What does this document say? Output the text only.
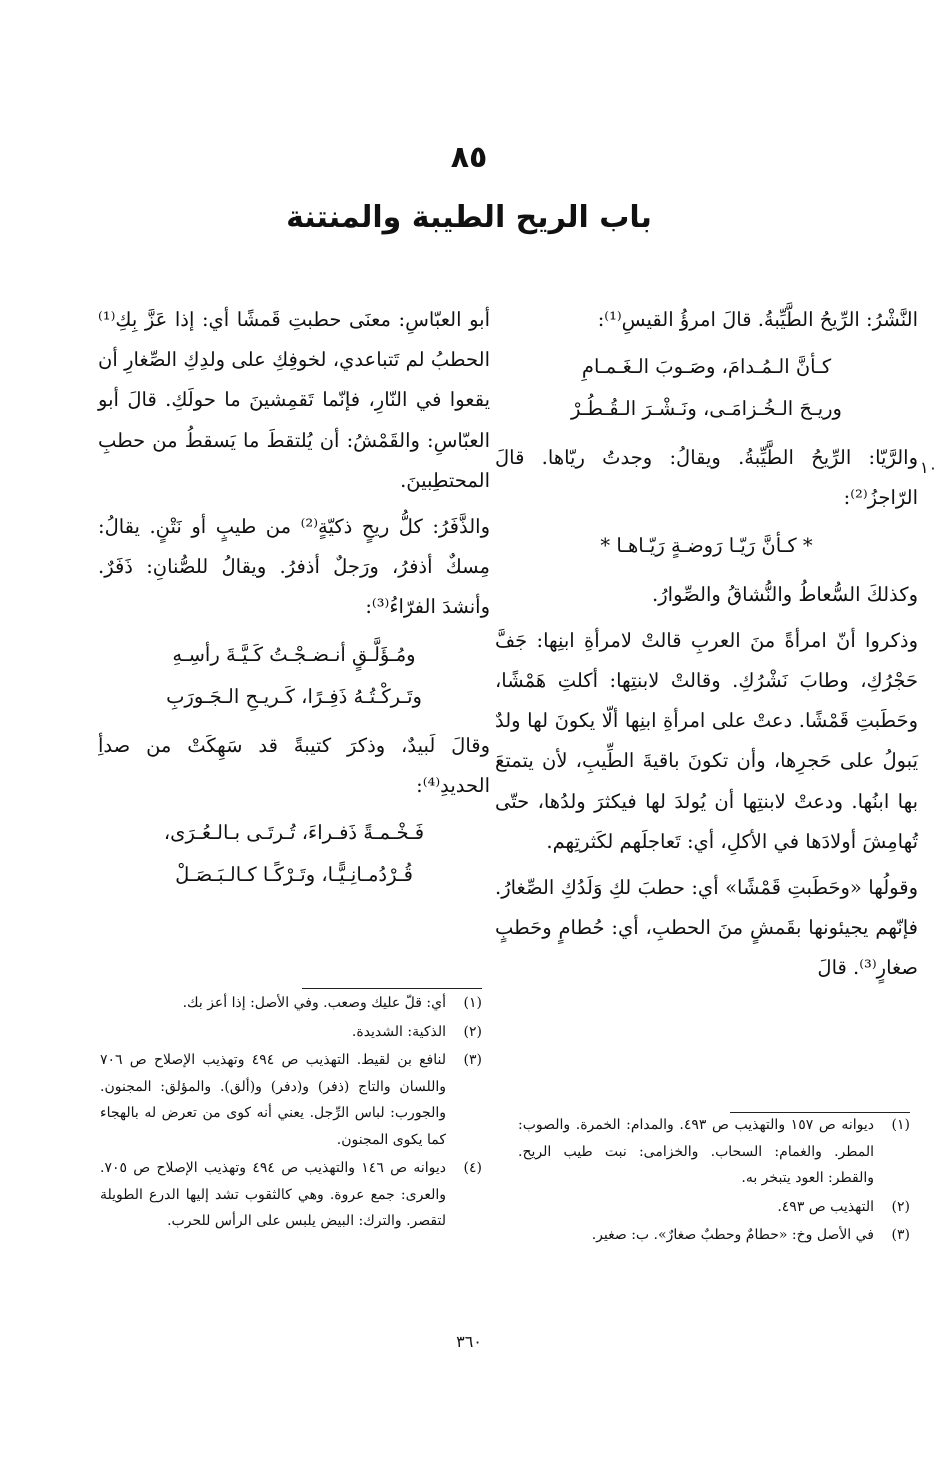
٨٥
باب الريح الطيبة والمنتنة
١٠

النَّشْرُ: الرِّيحُ الطَّيِّبةُ. قالَ امرؤُ القيسِ⁽¹⁾:

كـأنَّ الـمُـدامَ، وصَـوبَ الـغَـمـامِ
وريـحَ الـخُـزامَـى، ونَـشْـرَ الـقُـطُـرْ

والرَّيّا: الرِّيحُ الطَّيِّبةُ. ويقالُ: وجدتُ ريّاها. قالَ الرّاجزُ⁽²⁾:

* كـأنَّ رَيّـا رَوضـةٍ رَيّـاهـا *

وكذلكَ السُّعاطُ والنُّشاقُ والصِّوارُ.

وذكروا أنّ امرأةً منَ العربِ قالتْ لامرأةِ ابنِها: جَفَّ حَجْرُكِ، وطابَ نَشْرُكِ. وقالتْ لابنتِها: أكلتِ هَمْشًا، وحَطَبتِ قَمْشًا. دعتْ على امرأةِ ابنِها ألّا يكونَ لها ولدٌ يَبولُ على حَجرِها، وأن تكونَ باقيةَ الطِّيبِ، لأن يتمتعَ بها ابنُها. ودعتْ لابنتِها أن يُولدَ لها فيكثرَ ولدُها، حتّى تُهامِشَ أولادَها في الأكلِ، أي: تَعاجلَهم لكَثرتِهم.

وقولُها «وحَطَبتِ قَمْشًا» أي: حطبَ لكِ وَلَدُكِ الصِّغارُ. فإنّهم يجيئونها بقَمشٍ منَ الحطبِ، أي: حُطامٍ وحَطبٍ صغارٍ⁽³⁾. قالَ

أبو العبّاسِ: معنَى حطبتِ قَمشًا أي: إذا عَزَّ بِكِ⁽¹⁾ الحطبُ لم تَتباعدي، لخوفِكِ على ولدِكِ الصِّغارِ أن يقعوا في النّارِ، فإنّما تَقمِشينَ ما حولَكِ. قالَ أبو العبّاسِ: والقَمْشُ: أن يُلتقطَ ما يَسقطُ من حطبِ المحتطِبينَ.

والذَّفَرُ: كلُّ ريحٍ ذكيّةٍ⁽²⁾ من طيبٍ أو نَتْنٍ. يقالُ: مِسكٌ أذفرُ، ورَجلٌ أذفرُ. ويقالُ للصُّنانِ: ذَفَرٌ. وأنشدَ الفرّاءُ⁽³⁾:

ومُـؤَلَّـقٍ أنـضـجْـتُ كَـيَّـةَ رأسِـهِ
وتَـركْـتُـهُ ذَفِـرًا، كَـريـحِ الـجَـورَبِ

وقالَ لَبيدٌ، وذكرَ كتيبةً قد سَهِكَتْ من صدأِ الحديدِ⁽⁴⁾:

فَـخْـمـةً ذَفـراءَ، تُـرتَـى بـالـعُـرَى،
قُـرْدُمـانِـيًّـا، وتَـرْكًـا كـالـبَـصَـلْ
(١)
أي: قلّ عليك وصعب. وفي الأصل: إذا أعز بك.
(٢)
الذكية: الشديدة.
(٣)
لنافع بن لقيط. التهذيب ص ٤٩٤ وتهذيب الإصلاح ص ٧٠٦ واللسان والتاج (ذفر) و(دفر) و(ألق). والمؤلق: المجنون. والجورب: لباس الرِّجل. يعني أنه كوى من تعرض له بالهجاء كما يكوى المجنون.
(٤)
ديوانه ص ١٤٦ والتهذيب ص ٤٩٤ وتهذيب الإصلاح ص ٧٠٥. والعرى: جمع عروة. وهي كالثقوب تشد إليها الدرع الطويلة لتقصر. والترك: البيض يلبس على الرأس للحرب.
(١)
ديوانه ص ١٥٧ والتهذيب ص ٤٩٣. والمدام: الخمرة. والصوب: المطر. والغمام: السحاب. والخزامى: نبت طيب الريح. والقطر: العود يتبخر به.
(٢)
التهذيب ص ٤٩٣.
(٣)
في الأصل وخ: «حطامٌ وحطبٌ صغارٌ». ب: صغير.
٣٦٠
